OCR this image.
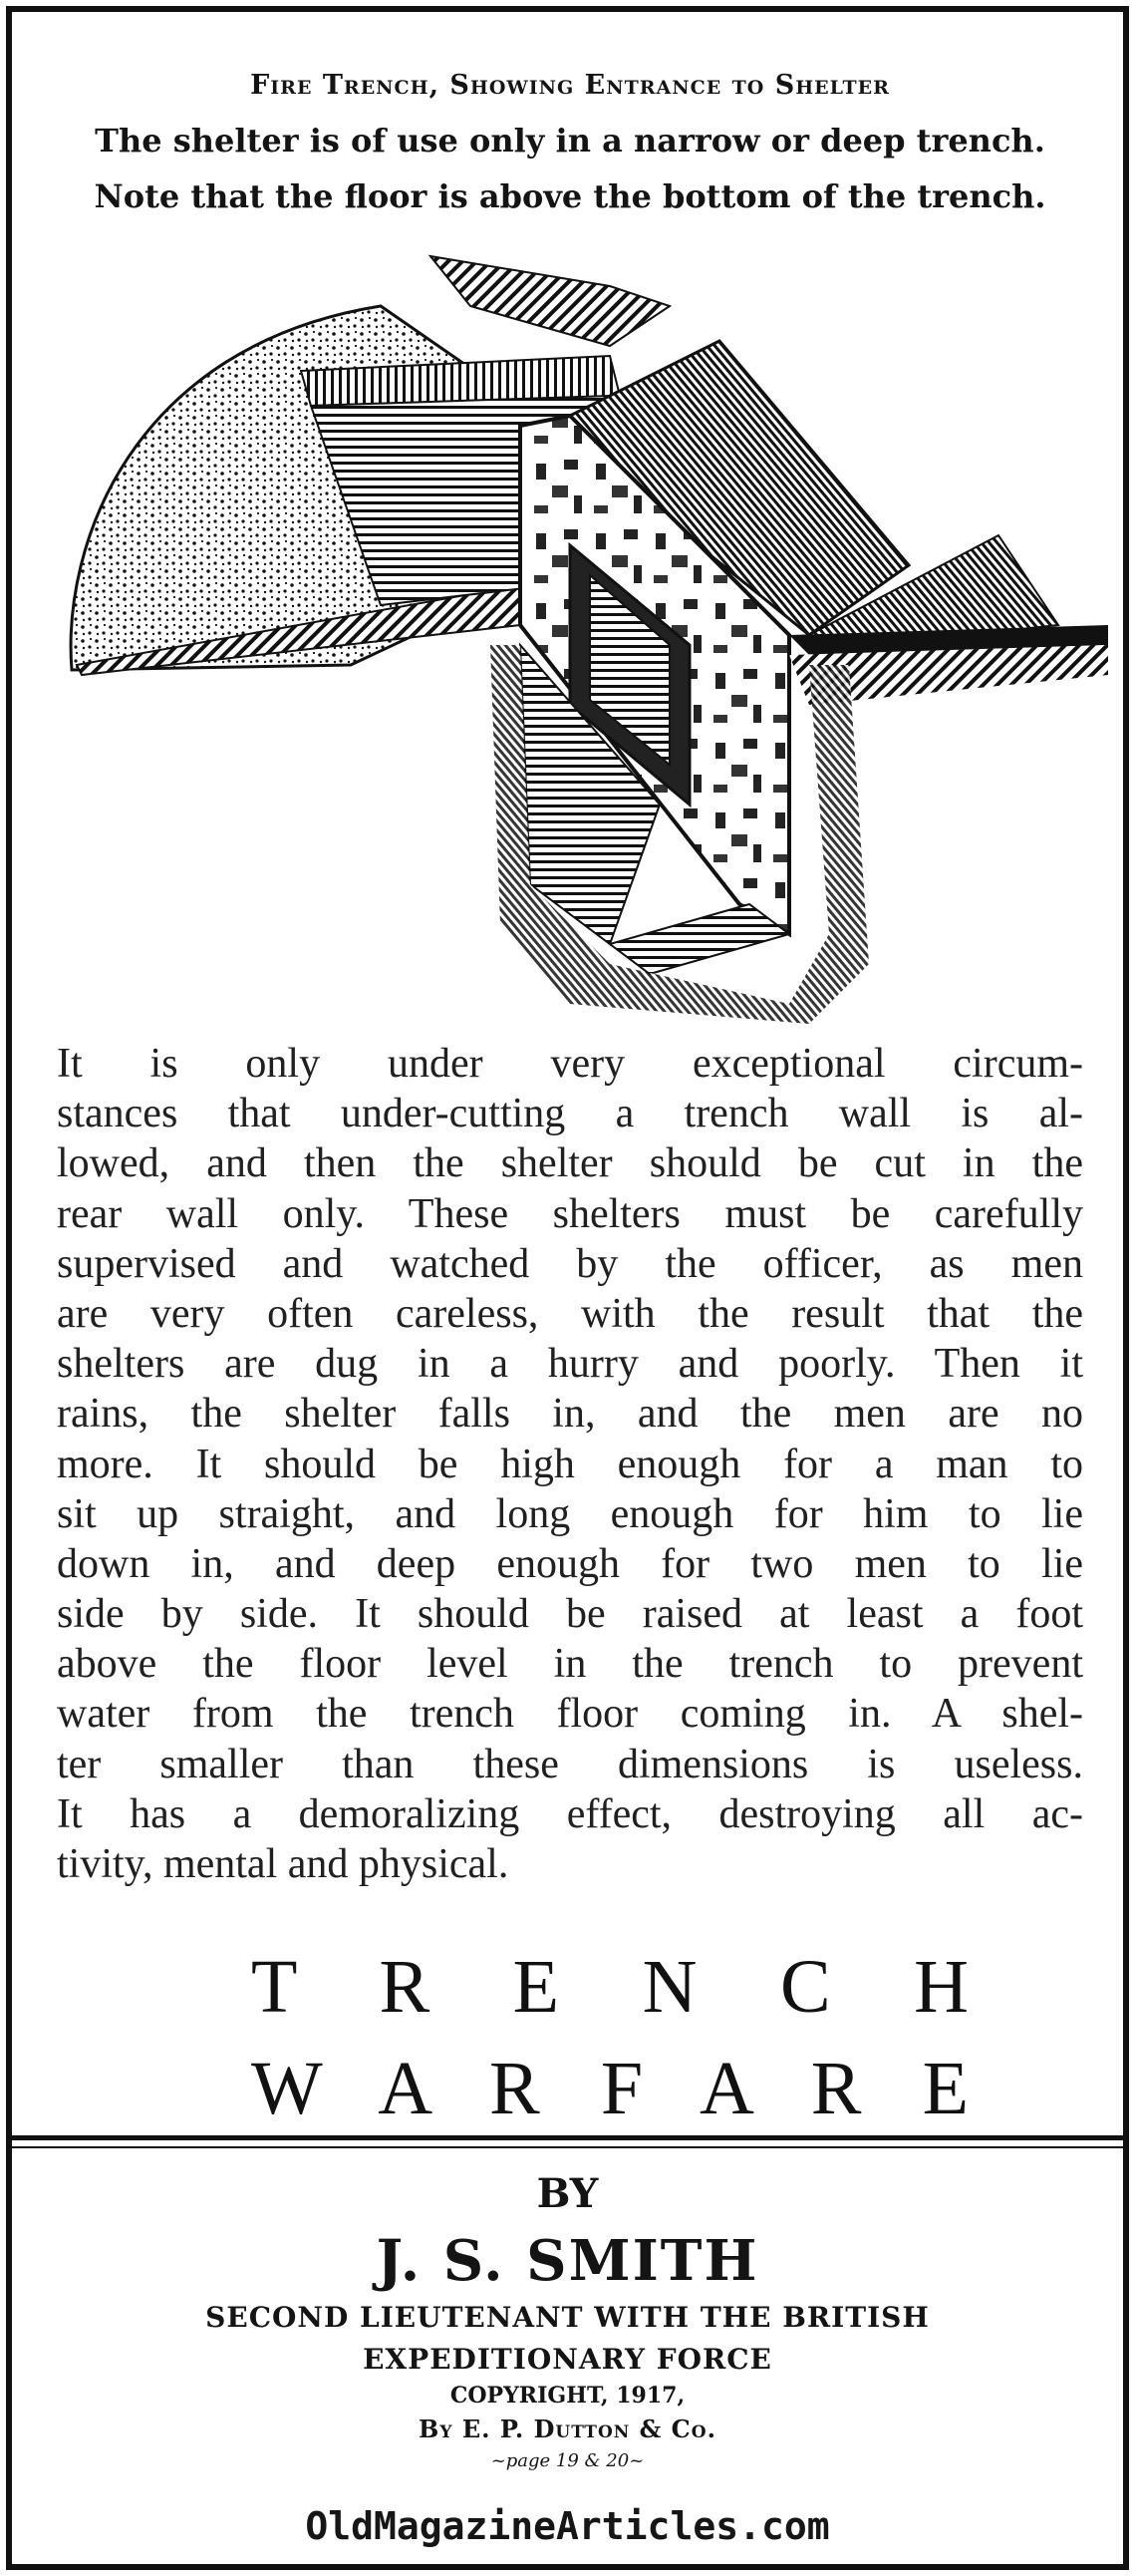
Fire Trench, Showing Entrance to Shelter
The shelter is of use only in a narrow or deep trench.
Note that the floor is above the bottom of the trench.
It is only under very exceptional circum-
stances that under-cutting a trench wall is al-
lowed, and then the shelter should be cut in the
rear wall only. These shelters must be carefully
supervised and watched by the officer, as men
are very often careless, with the result that the
shelters are dug in a hurry and poorly. Then it
rains, the shelter falls in, and the men are no
more. It should be high enough for a man to
sit up straight, and long enough for him to lie
down in, and deep enough for two men to lie
side by side. It should be raised at least a foot
above the floor level in the trench to prevent
water from the trench floor coming in. A shel-
ter smaller than these dimensions is useless.
It has a demoralizing effect, destroying all ac-
tivity, mental and physical.
T R E N C H
W A R F A R E
BY
J. S. SMITH
SECOND LIEUTENANT WITH THE BRITISH
EXPEDITIONARY FORCE
COPYRIGHT, 1917,
By E. P. Dutton & Co.
~page 19 & 20~
OldMagazineArticles.com
